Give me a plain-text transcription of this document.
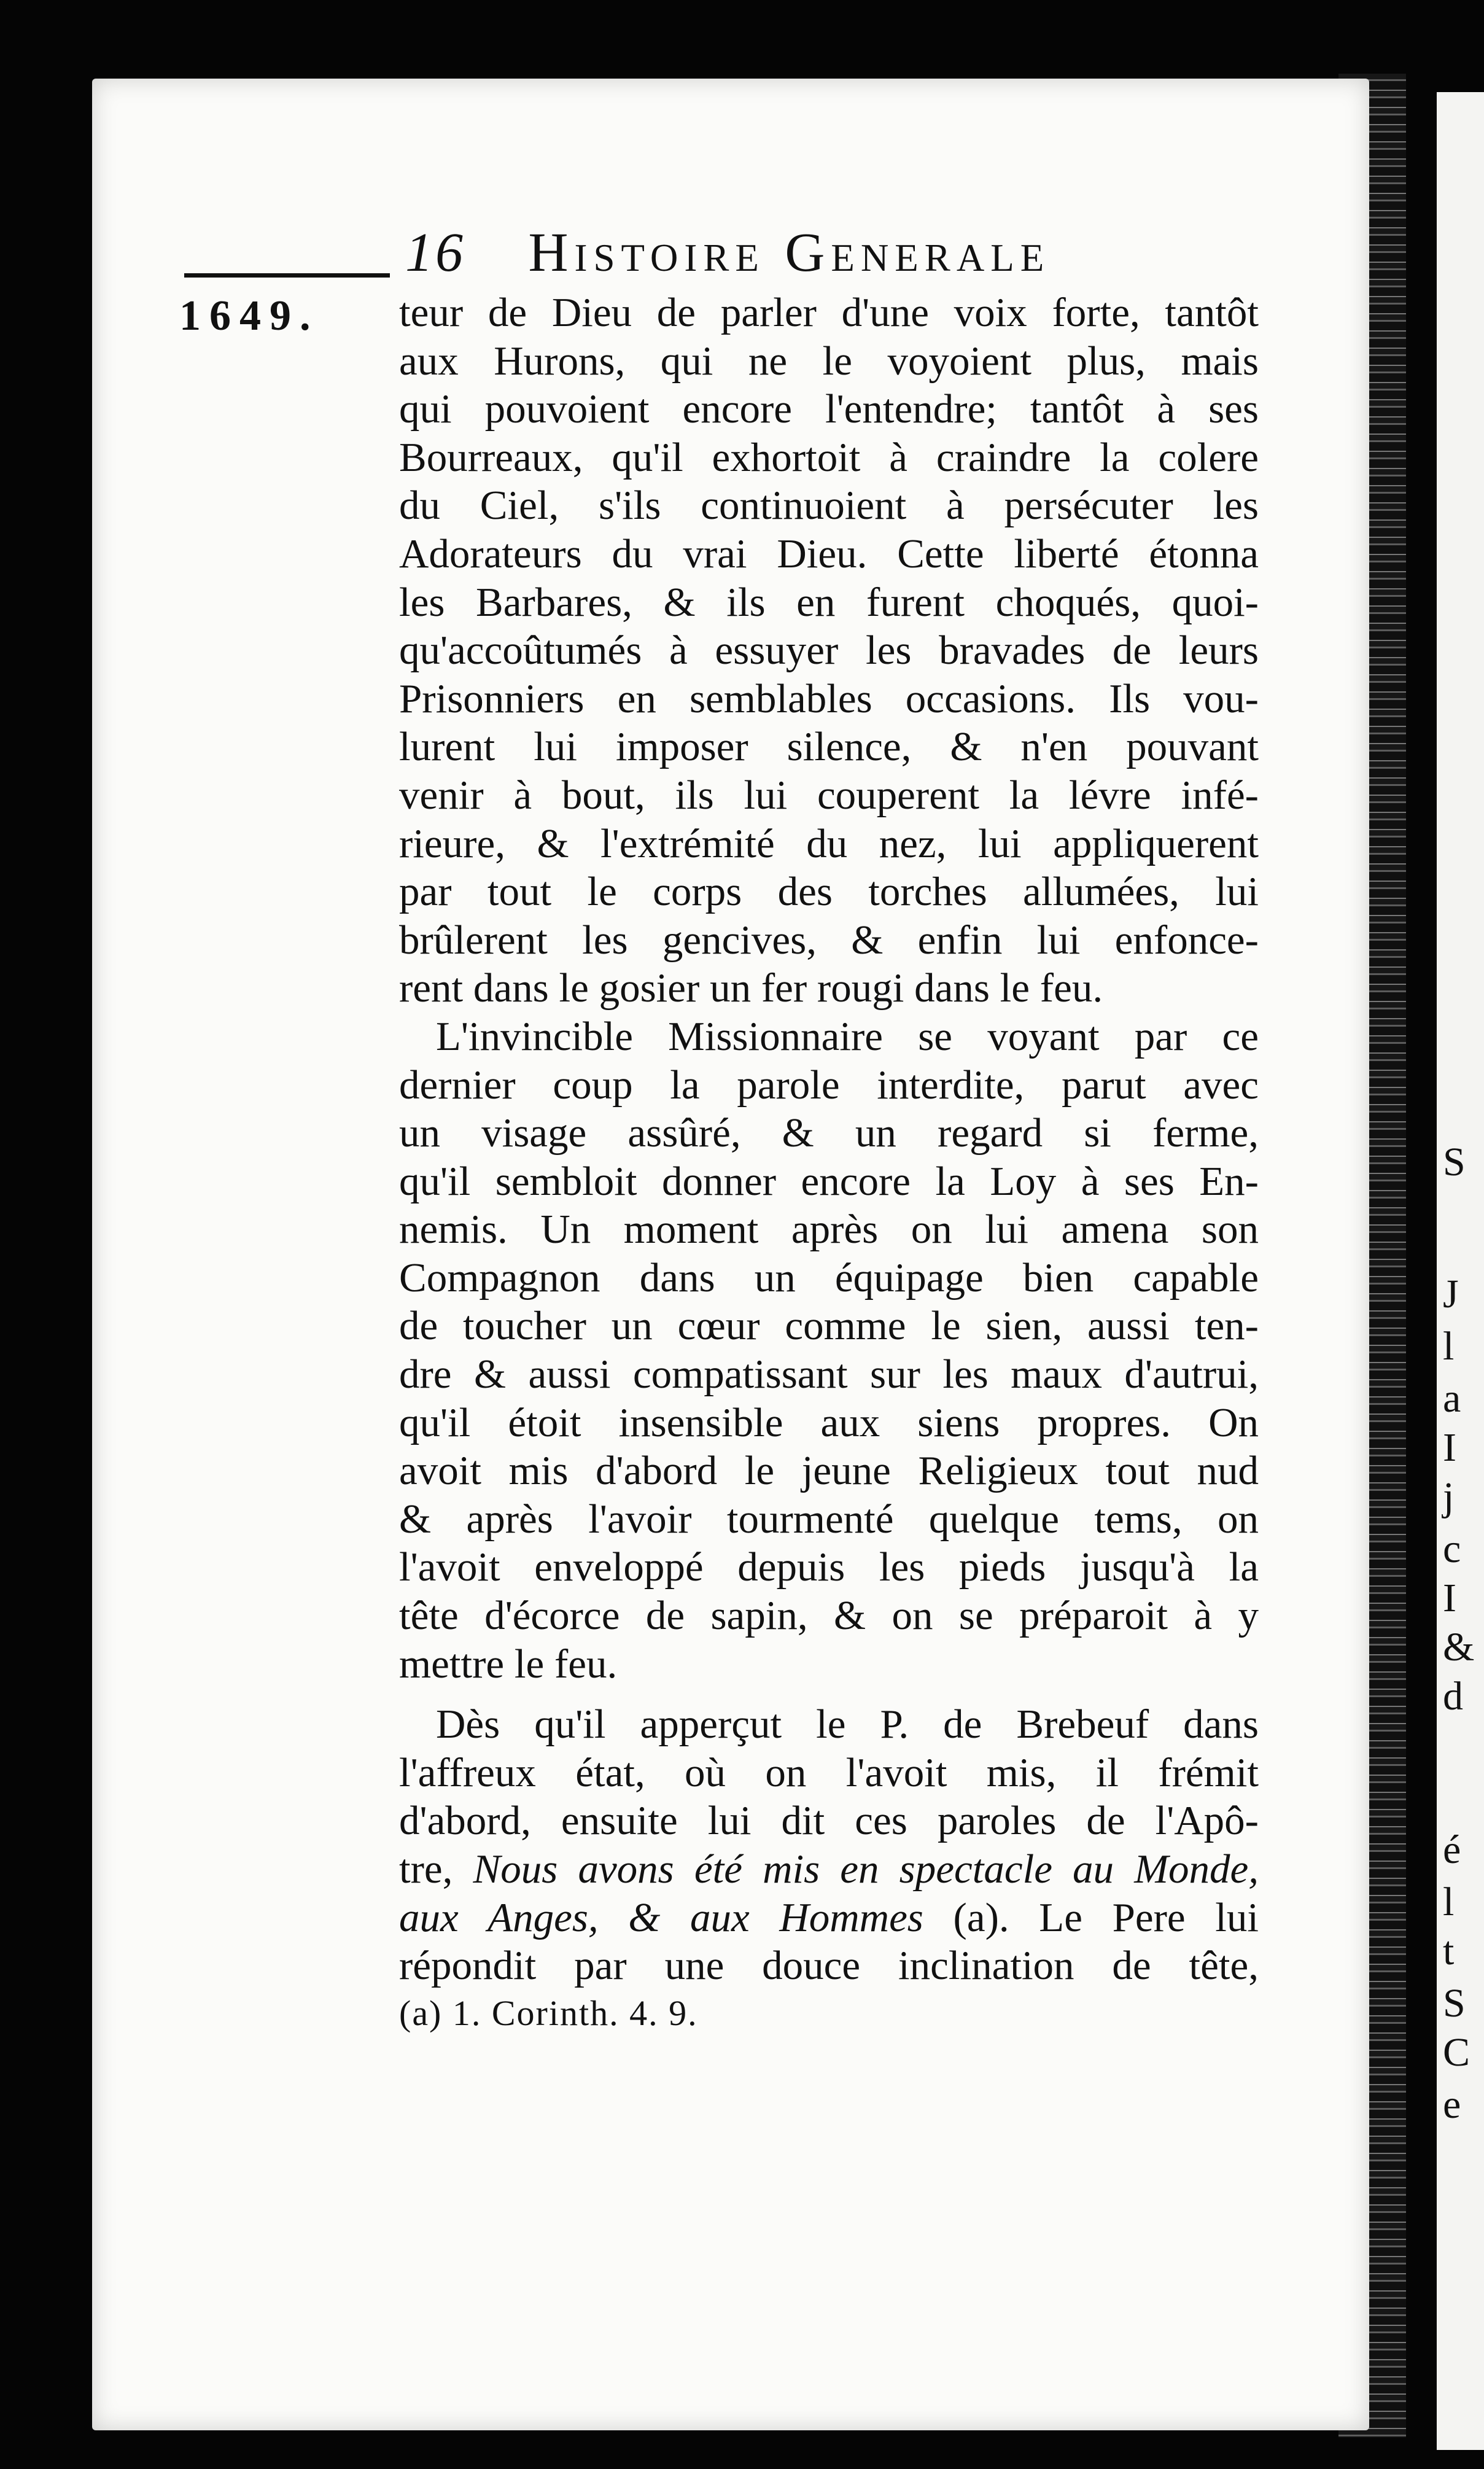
S
J
l
a
I
j
c
I
&
d
é
l
t
S
C
e
16 Histoire Generale
1649. teur de Dieu de parler d'une voix forte, tantôt
aux Hurons, qui ne le voyoient plus, mais
qui pouvoient encore l'entendre; tantôt à ses
Bourreaux, qu'il exhortoit à craindre la colere
du Ciel, s'ils continuoient à persécuter les
Adorateurs du vrai Dieu. Cette liberté étonna
les Barbares, & ils en furent choqués, quoi-
qu'accoûtumés à essuyer les bravades de leurs
Prisonniers en semblables occasions. Ils vou-
lurent lui imposer silence, & n'en pouvant
venir à bout, ils lui couperent la lévre infé-
rieure, & l'extrémité du nez, lui appliquerent
par tout le corps des torches allumées, lui
brûlerent les gencives, & enfin lui enfonce-
rent dans le gosier un fer rougi dans le feu.
L'invincible Missionnaire se voyant par ce
dernier coup la parole interdite, parut avec
un visage assûré, & un regard si ferme,
qu'il sembloit donner encore la Loy à ses En-
nemis. Un moment après on lui amena son
Compagnon dans un équipage bien capable
de toucher un cœur comme le sien, aussi ten-
dre & aussi compatissant sur les maux d'autrui,
qu'il étoit insensible aux siens propres. On
avoit mis d'abord le jeune Religieux tout nud
& après l'avoir tourmenté quelque tems, on
l'avoit enveloppé depuis les pieds jusqu'à la
tête d'écorce de sapin, & on se préparoit à y
mettre le feu.
Dès qu'il apperçut le P. de Brebeuf dans
l'affreux état, où on l'avoit mis, il frémit
d'abord, ensuite lui dit ces paroles de l'Apô-
tre, Nous avons été mis en spectacle au Monde,
aux Anges, & aux Hommes (a). Le Pere lui
répondit par une douce inclination de tête,
(a) 1. Corinth. 4. 9.
